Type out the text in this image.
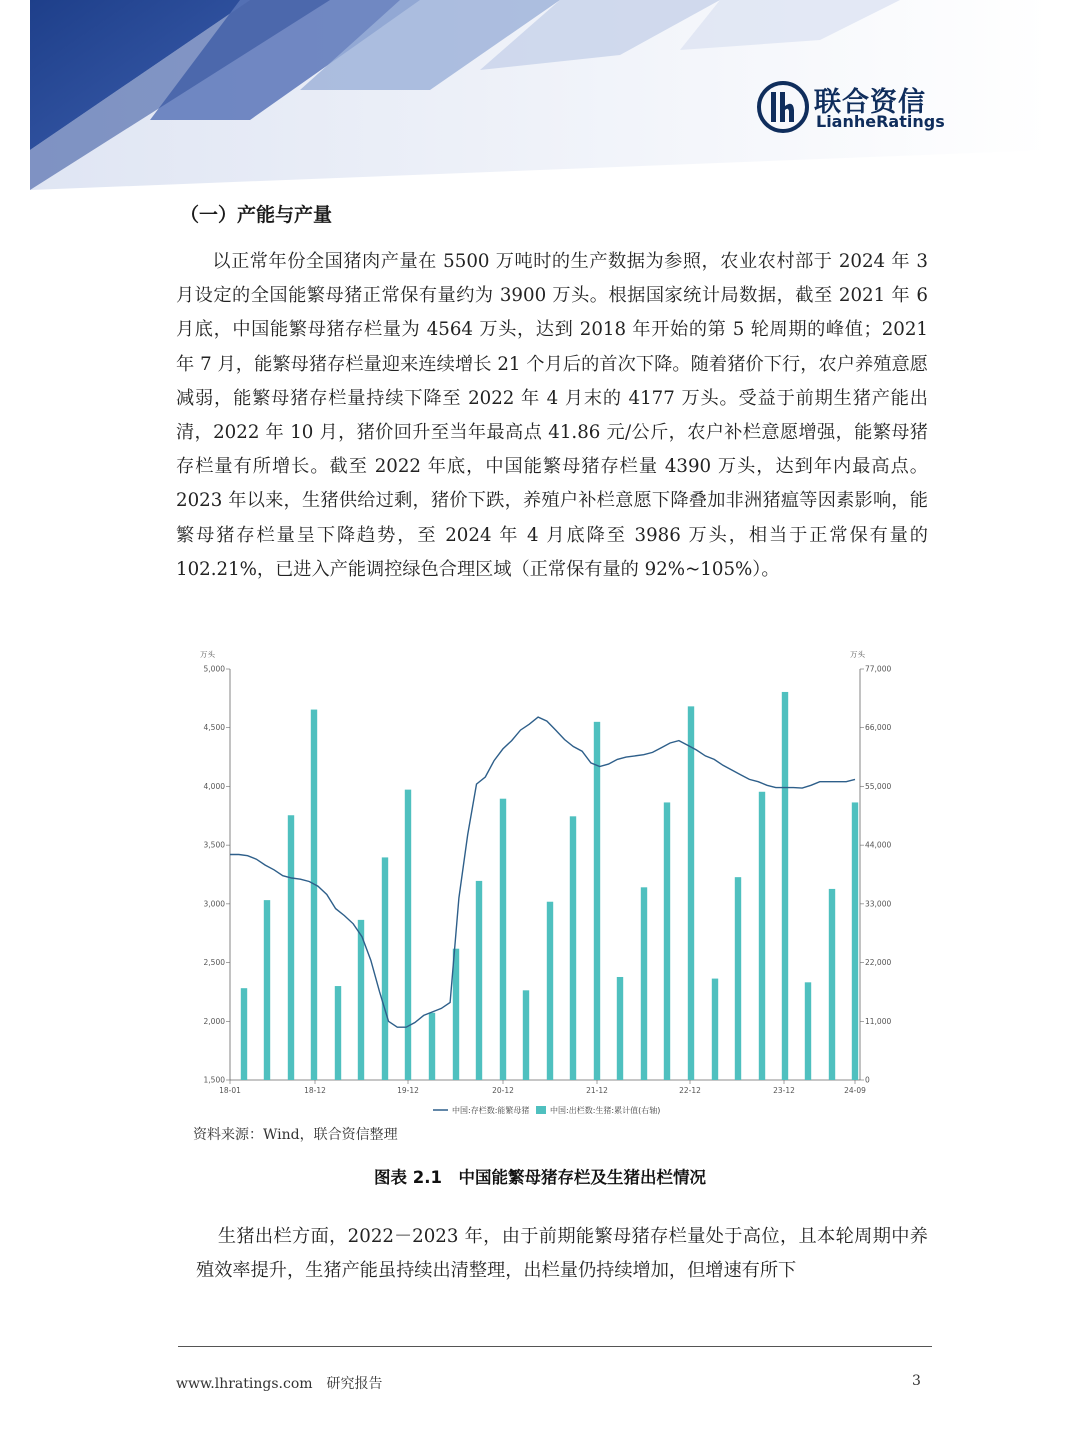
联合资信
LianheRatings
（一）产能与产量

以正常年份全国猪肉产量在 5500 万吨时的生产数据为参照，农业农村部于 2024 年 3 月设定的全国能繁母猪正常保有量约为 3900 万头。根据国家统计局数据，截至 2021 年 6 月底，中国能繁母猪存栏量为 4564 万头，达到 2018 年开始的第 5 轮周期的峰值；2021 年 7 月，能繁母猪存栏量迎来连续增长 21 个月后的首次下降。随着猪价下行，农户养殖意愿减弱，能繁母猪存栏量持续下降至 2022 年 4 月末的 4177 万头。受益于前期生猪产能出清，2022 年 10 月，猪价回升至当年最高点 41.86 元/公斤，农户补栏意愿增强，能繁母猪存栏量有所增长。截至 2022 年底，中国能繁母猪存栏量 4390 万头，达到年内最高点。2023 年以来，生猪供给过剩，猪价下跌，养殖户补栏意愿下降叠加非洲猪瘟等因素影响，能繁母猪存栏量呈下降趋势，至 2024 年 4 月底降至 3986 万头，相当于正常保有量的 102.21%，已进入产能调控绿色合理区域（正常保有量的 92%~105%）。

万头	万头
1,500
2,000
2,500
3,000
3,500
4,000
4,500
5,000
0
11,000
22,000
33,000
44,000
55,000
66,000
77,000
18-01	18-12	19-12	20-12	21-12	22-12	23-12	24-09
中国:存栏数:能繁母猪	中国:出栏数:生猪:累计值(右轴)
资料来源：Wind，联合资信整理
图表 2.1　中国能繁母猪存栏及生猪出栏情况

生猪出栏方面，2022－2023 年，由于前期能繁母猪存栏量处于高位，且本轮周期中养殖效率提升，生猪产能虽持续出清整理，出栏量仍持续增加，但增速有所下

www.lhratings.com　研究报告	3
